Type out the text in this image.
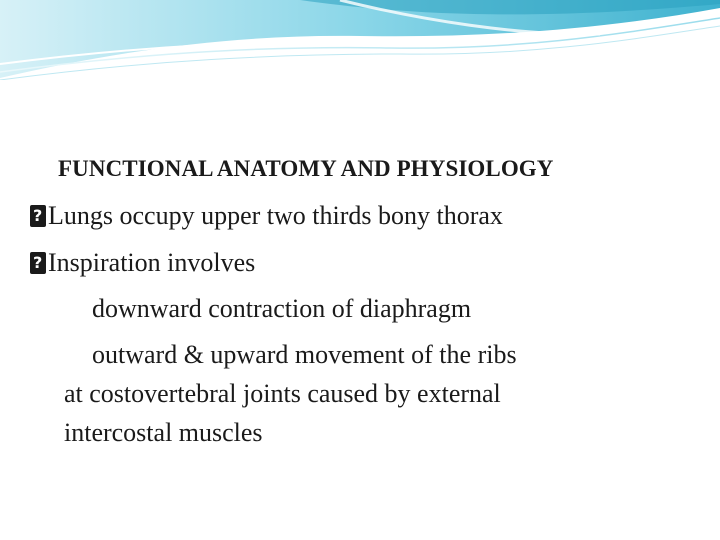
FUNCTIONAL ANATOMY AND PHYSIOLOGY
?Lungs occupy upper two thirds bony thorax
?Inspiration involves
downward contraction of diaphragm
outward & upward movement of the ribs
at costovertebral joints caused by external
intercostal muscles
